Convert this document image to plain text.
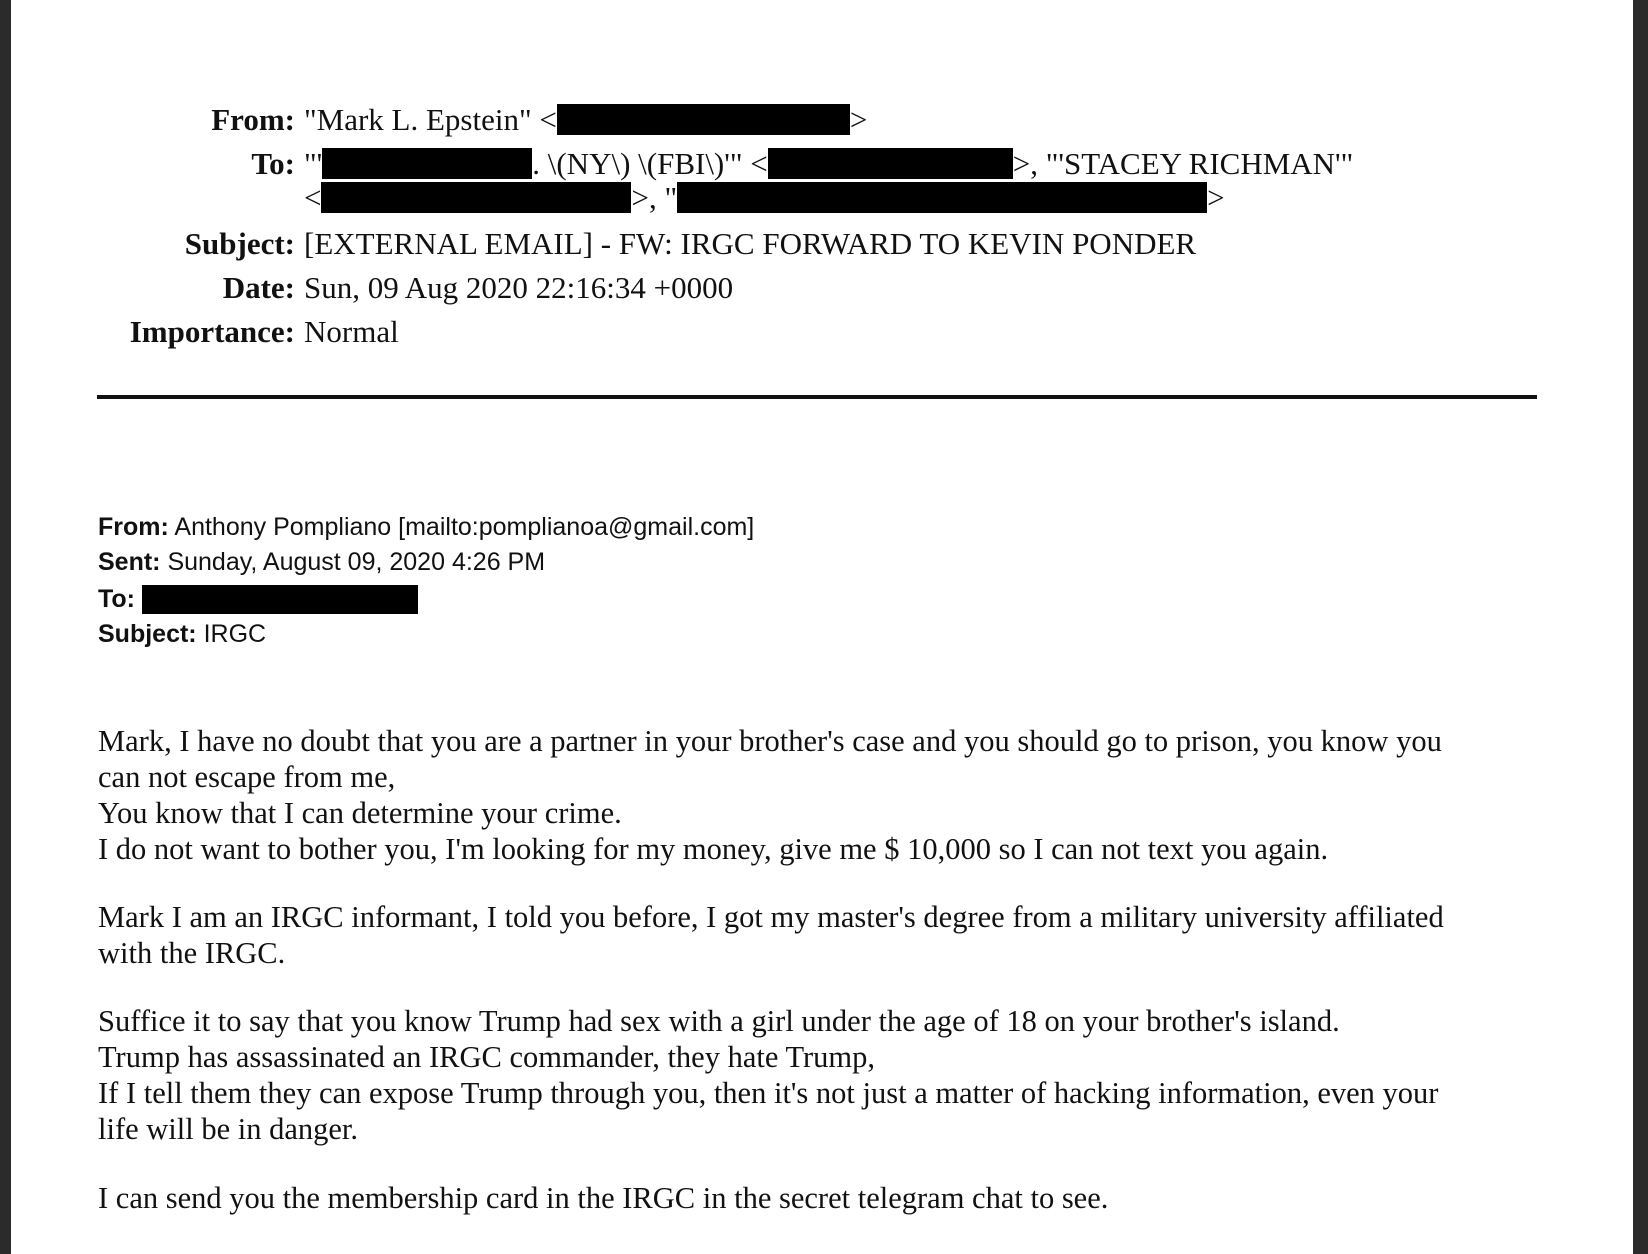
From: "Mark L. Epstein" <	>
To: "'	. \(NY\) \(FBI\)'" <	>, "'STACEY RICHMAN'"
<	>, "	>
Subject: [EXTERNAL EMAIL] - FW: IRGC FORWARD TO KEVIN PONDER
Date: Sun, 09 Aug 2020 22:16:34 +0000
Importance: Normal
From: Anthony Pompliano [mailto:pomplianoa@gmail.com]
Sent: Sunday, August 09, 2020 4:26 PM
To:
Subject: IRGC

Mark, I have no doubt that you are a partner in your brother's case and you should go to prison, you know you

can not escape from me,

You know that I can determine your crime.

I do not want to bother you, I'm looking for my money, give me $ 10,000 so I can not text you again.

Mark I am an IRGC informant, I told you before, I got my master's degree from a military university affiliated

with the IRGC.

Suffice it to say that you know Trump had sex with a girl under the age of 18 on your brother's island.

Trump has assassinated an IRGC commander, they hate Trump,

If I tell them they can expose Trump through you, then it's not just a matter of hacking information, even your

life will be in danger.

I can send you the membership card in the IRGC in the secret telegram chat to see.
